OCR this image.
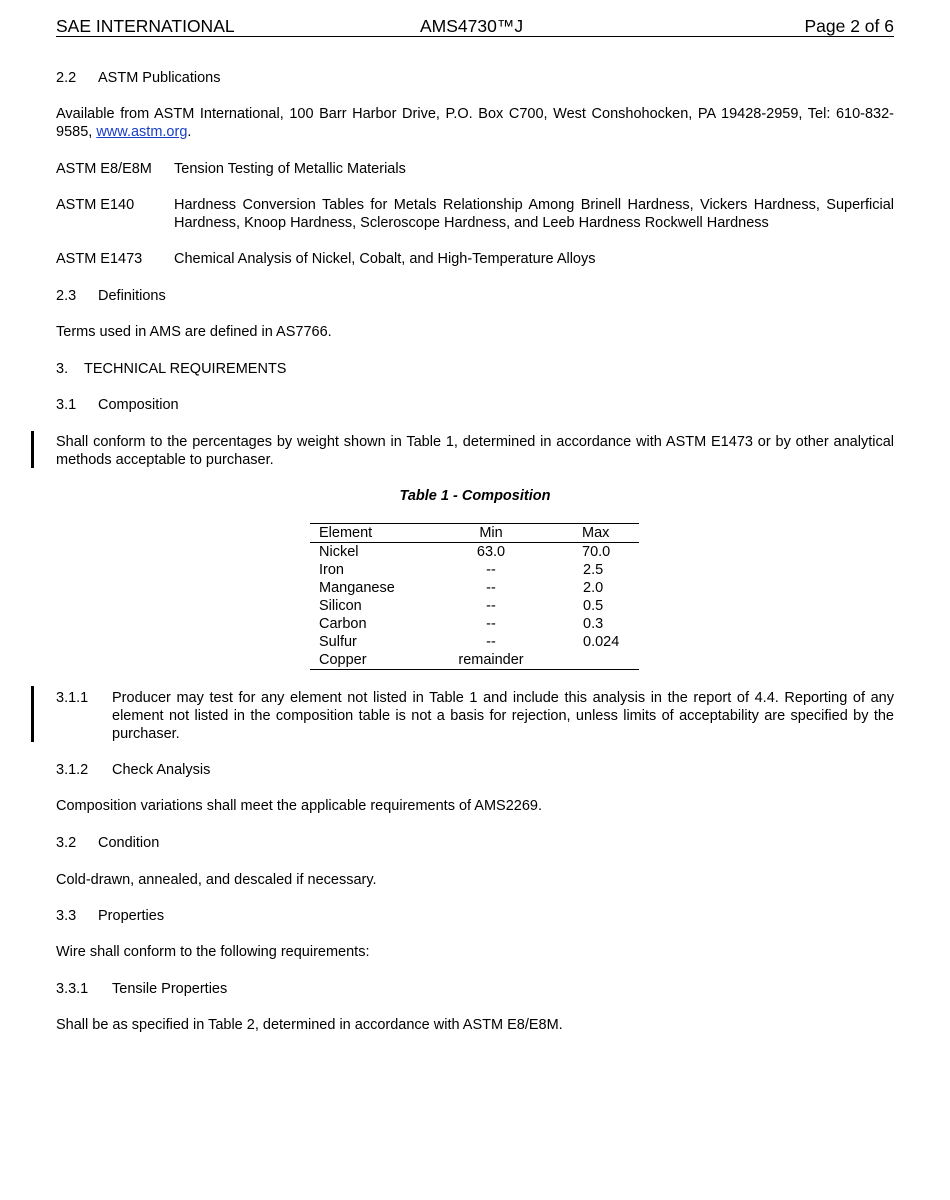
SAE INTERNATIONAL	AMS4730™J	Page 2 of 6
2.2 ASTM Publications
Available from ASTM International, 100 Barr Harbor Drive, P.O. Box C700, West Conshohocken, PA 19428-2959, Tel: 610-832-9585, www.astm.org.
ASTM E8/E8M Tension Testing of Metallic Materials
ASTM E140	Hardness Conversion Tables for Metals Relationship Among Brinell Hardness, Vickers Hardness, Superficial Hardness, Knoop Hardness, Scleroscope Hardness, and Leeb Hardness Rockwell Hardness
ASTM E1473 Chemical Analysis of Nickel, Cobalt, and High-Temperature Alloys
2.3 Definitions
Terms used in AMS are defined in AS7766.
3. TECHNICAL REQUIREMENTS
3.1 Composition
Shall conform to the percentages by weight shown in Table 1, determined in accordance with ASTM E1473 or by other analytical methods acceptable to purchaser.
Table 1 - Composition
Element	Min	Max
Nickel	63.0	70.0
Iron	--	2.5
Manganese	--	2.0
Silicon	--	0.5
Carbon	--	0.3
Sulfur	--	0.024
Copper	remainder
3.1.1 Producer may test for any element not listed in Table 1 and include this analysis in the report of 4.4. Reporting of any element not listed in the composition table is not a basis for rejection, unless limits of acceptability are specified by the purchaser.
3.1.2 Check Analysis
Composition variations shall meet the applicable requirements of AMS2269.
3.2 Condition
Cold-drawn, annealed, and descaled if necessary.
3.3 Properties
Wire shall conform to the following requirements:
3.3.1 Tensile Properties
Shall be as specified in Table 2, determined in accordance with ASTM E8/E8M.
